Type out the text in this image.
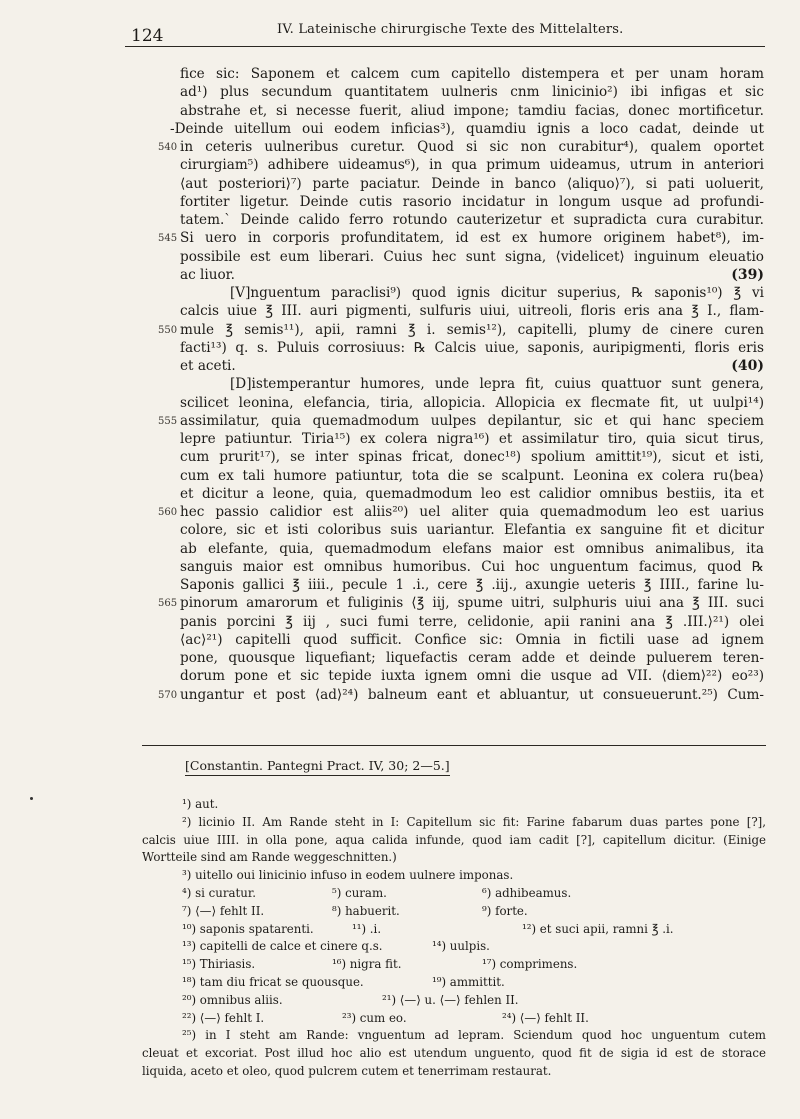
124	IV. Lateinische chirurgische Texte des Mittelalters.
fice sic: Saponem et calcem cum capitello distempera et per unam horam
ad¹) plus secundum quantitatem uulneris cnm linicinio²) ibi infigas et sic
abstrahe et, si necesse fuerit, aliud impone; tamdiu facias, donec mortificetur.
-Deinde uitellum oui eodem inficias³), quamdiu ignis a loco cadat, deinde ut
540 in ceteris uulneribus curetur. Quod si sic non curabitur⁴), qualem oportet
cirurgiam⁵) adhibere uideamus⁶), in qua primum uideamus, utrum in anteriori
⟨aut posteriori⟩⁷) parte paciatur. Deinde in banco ⟨aliquo⟩⁷), si pati uoluerit,
fortiter ligetur. Deinde cutis rasorio incidatur in longum usque ad profundi-
tatem.` Deinde calido ferro rotundo cauterizetur et supradicta cura curabitur.
545 Si uero in corporis profunditatem, id est ex humore originem habet⁸), im-
possibile est eum liberari. Cuius hec sunt signa, ⟨videlicet⟩ inguinum eleuatio
ac liuor.	(39)
[V]nguentum paraclisi⁹) quod ignis dicitur superius, ℞ saponis¹⁰) ℥ vi
calcis uiue ℥ III. auri pigmenti, sulfuris uiui, uitreoli, floris eris ana ℥ I., flam-
550 mule ℥ semis¹¹), apii, ramni ℥ i. semis¹²), capitelli, plumy de cinere curen
facti¹³) q. s. Puluis corrosiuus: ℞ Calcis uiue, saponis, auripigmenti, floris eris
et aceti.	(40)
[D]istemperantur humores, unde lepra fit, cuius quattuor sunt genera,
scilicet leonina, elefancia, tiria, allopicia. Allopicia ex flecmate fit, ut uulpi¹⁴)
555 assimilatur, quia quemadmodum uulpes depilantur, sic et qui hanc speciem
lepre patiuntur. Tiria¹⁵) ex colera nigra¹⁶) et assimilatur tiro, quia sicut tirus,
cum prurit¹⁷), se inter spinas fricat, donec¹⁸) spolium amittit¹⁹), sicut et isti,
cum ex tali humore patiuntur, tota die se scalpunt. Leonina ex colera ru⟨bea⟩
et dicitur a leone, quia, quemadmodum leo est calidior omnibus bestiis, ita et
560 hec passio calidior est aliis²⁰) uel aliter quia quemadmodum leo est uarius
colore, sic et isti coloribus suis uariantur. Elefantia ex sanguine fit et dicitur
ab elefante, quia, quemadmodum elefans maior est omnibus animalibus, ita
sanguis maior est omnibus humoribus. Cui hoc unguentum facimus, quod ℞
Saponis gallici ℥ iiii., pecule 1 .i., cere ℥ .iij., axungie ueteris ℥ IIII., farine lu-
565 pinorum amarorum et fuliginis ⟨℥ iij, spume uitri, sulphuris uiui ana ℥ III. suci
panis porcini ℥ iij , suci fumi terre, celidonie, apii ranini ana ℥ .III.⟩²¹) olei
⟨ac⟩²¹) capitelli quod sufficit. Confice sic: Omnia in fictili uase ad ignem
pone, quousque liquefiant; liquefactis ceram adde et deinde puluerem teren-
dorum pone et sic tepide iuxta ignem omni die usque ad VII. ⟨diem⟩²²) eo²³)
570 ungantur et post ⟨ad⟩²⁴) balneum eant et abluantur, ut consueuerunt.²⁵) Cum-
[Constantin. Pantegni Pract. IV, 30; 2—5.]
¹) aut.
²) licinio II. Am Rande steht in I: Capitellum sic fit: Farine fabarum duas partes pone [?],
calcis uiue IIII. in olla pone, aqua calida infunde, quod iam cadit [?], capitellum dicitur. (Einige
Wortteile sind am Rande weggeschnitten.)
³) uitello oui linicinio infuso in eodem uulnere imponas.
⁴) si curatur.	⁵) curam.	⁶) adhibeamus.
⁷) ⟨—⟩ fehlt II.	⁸) habuerit.	⁹) forte.
¹⁰) saponis spatarenti.	¹¹) .i.	¹²) et suci apii, ramni ℥ .i.
¹³) capitelli de calce et cinere q.s.	¹⁴) uulpis.
¹⁵) Thiriasis.	¹⁶) nigra fit.	¹⁷) comprimens.
¹⁸) tam diu fricat se quousque.	¹⁹) ammittit.
²⁰) omnibus aliis.	²¹) ⟨—⟩ u. ⟨—⟩ fehlen II.
²²) ⟨—⟩ fehlt I.	²³) cum eo.	²⁴) ⟨—⟩ fehlt II.
²⁵) in I steht am Rande: vnguentum ad lepram. Sciendum quod hoc unguentum cutem
cleuat et excoriat. Post illud hoc alio est utendum unguento, quod fit de sigia id est de storace
liquida, aceto et oleo, quod pulcrem cutem et tenerrimam restaurat.
